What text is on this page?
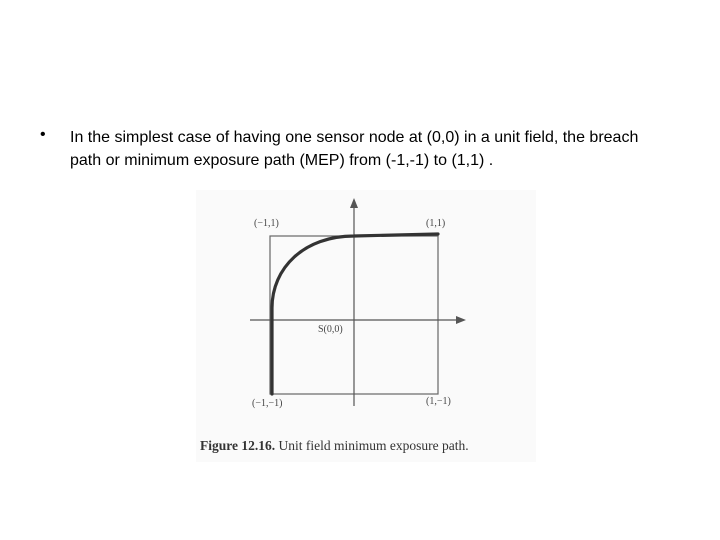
• In the simplest case of having one sensor node at (0,0) in a unit field, the breach path or minimum exposure path (MEP) from (-1,-1) to (1,1) .
(−1,1)	(1,1)
(−1,−1)	(1,−1)
S(0,0)
Figure 12.16. Unit field minimum exposure path.
